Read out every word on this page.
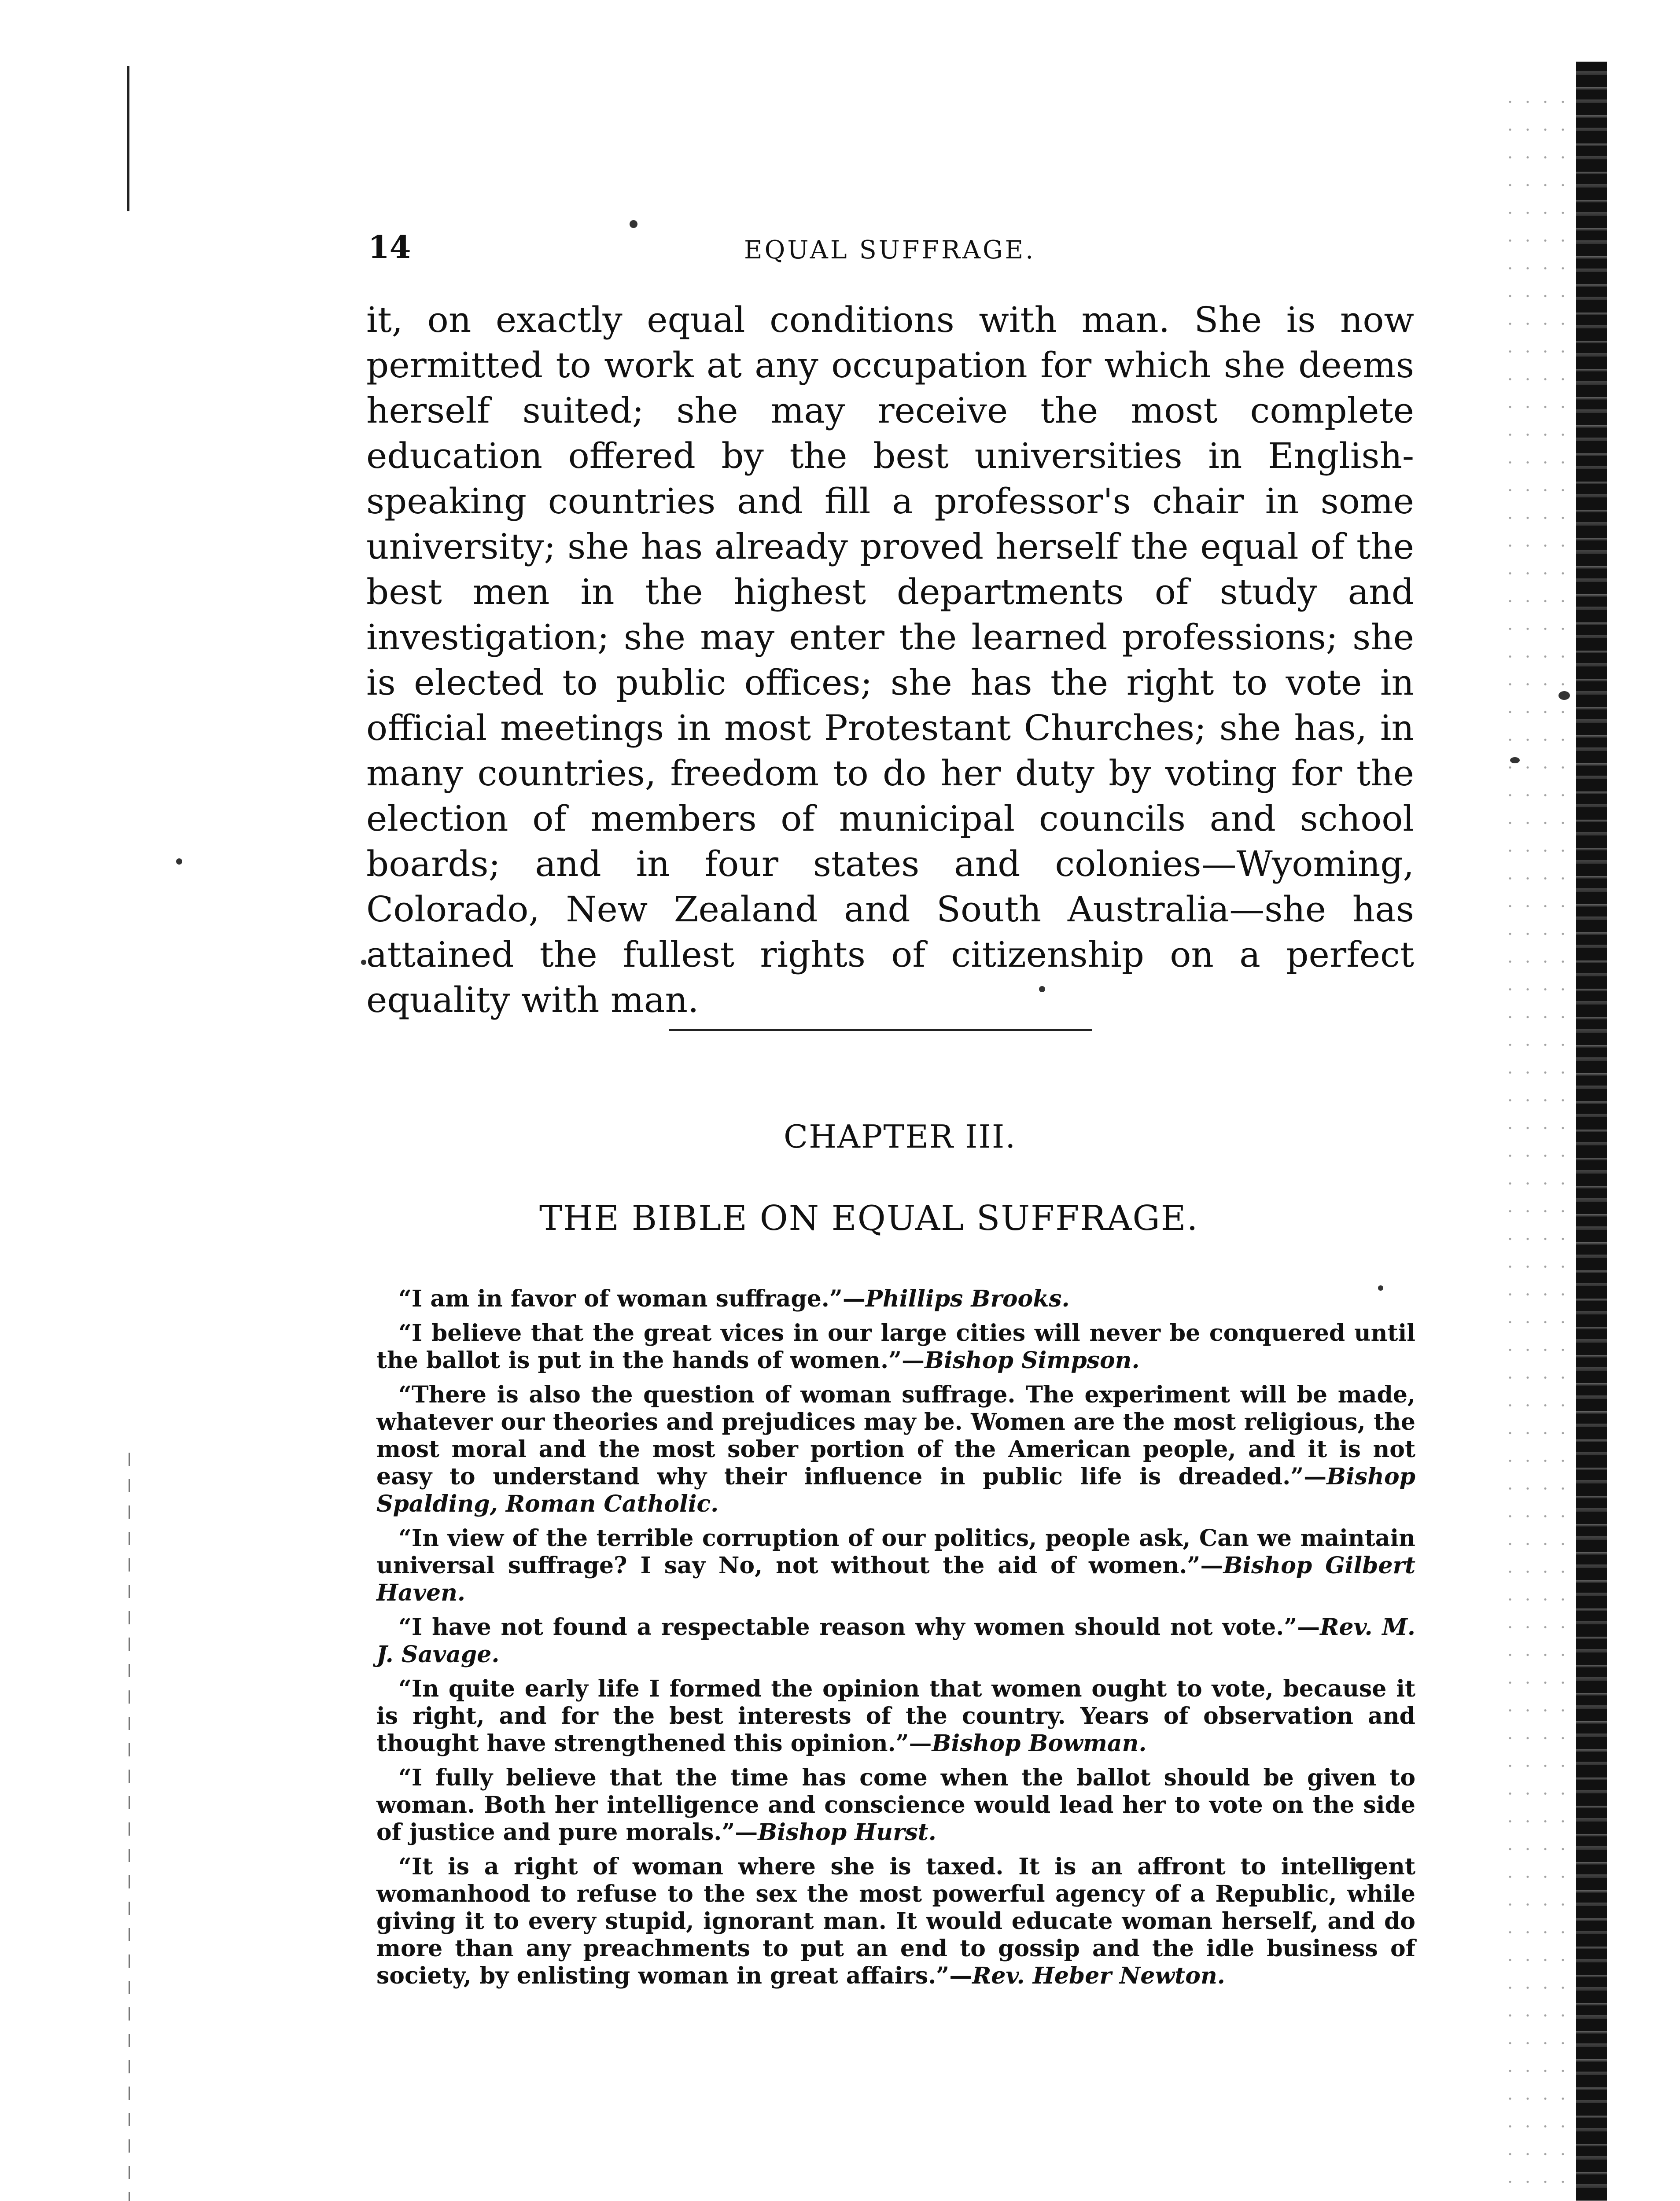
14	EQUAL SUFFRAGE.
it, on exactly equal conditions with man. She is now permitted to work at any occupation for which she deems herself suited; she may receive the most complete education offered by the best universities in English-speaking countries and fill a professor's chair in some university; she has already proved herself the equal of the best men in the highest departments of study and investigation; she may enter the learned professions; she is elected to public offices; she has the right to vote in official meetings in most Protestant Churches; she has, in many countries, freedom to do her duty by voting for the election of members of municipal councils and school boards; and in four states and colonies—Wyoming, Colorado, New Zealand and South Australia—she has attained the fullest rights of citizenship on a perfect equality with man.
CHAPTER III.
THE BIBLE ON EQUAL SUFFRAGE.

“I am in favor of woman suffrage.”—Phillips Brooks.

“I believe that the great vices in our large cities will never be conquered until the ballot is put in the hands of women.”—Bishop Simpson.

“There is also the question of woman suffrage. The experiment will be made, whatever our theories and prejudices may be. Women are the most religious, the most moral and the most sober portion of the American people, and it is not easy to understand why their influence in public life is dreaded.”—Bishop Spalding, Roman Catholic.

“In view of the terrible corruption of our politics, people ask, Can we maintain universal suffrage? I say No, not without the aid of women.”—Bishop Gilbert Haven.

“I have not found a respectable reason why women should not vote.”—Rev. M. J. Savage.

“In quite early life I formed the opinion that women ought to vote, because it is right, and for the best interests of the country. Years of observation and thought have strengthened this opinion.”—Bishop Bowman.

“I fully believe that the time has come when the ballot should be given to woman. Both her intelligence and conscience would lead her to vote on the side of justice and pure morals.”—Bishop Hurst.

“It is a right of woman where she is taxed. It is an affront to intelligent womanhood to refuse to the sex the most powerful agency of a Republic, while giving it to every stupid, ignorant man. It would educate woman herself, and do more than any preachments to put an end to gossip and the idle business of society, by enlisting woman in great affairs.”—Rev. Heber Newton.
